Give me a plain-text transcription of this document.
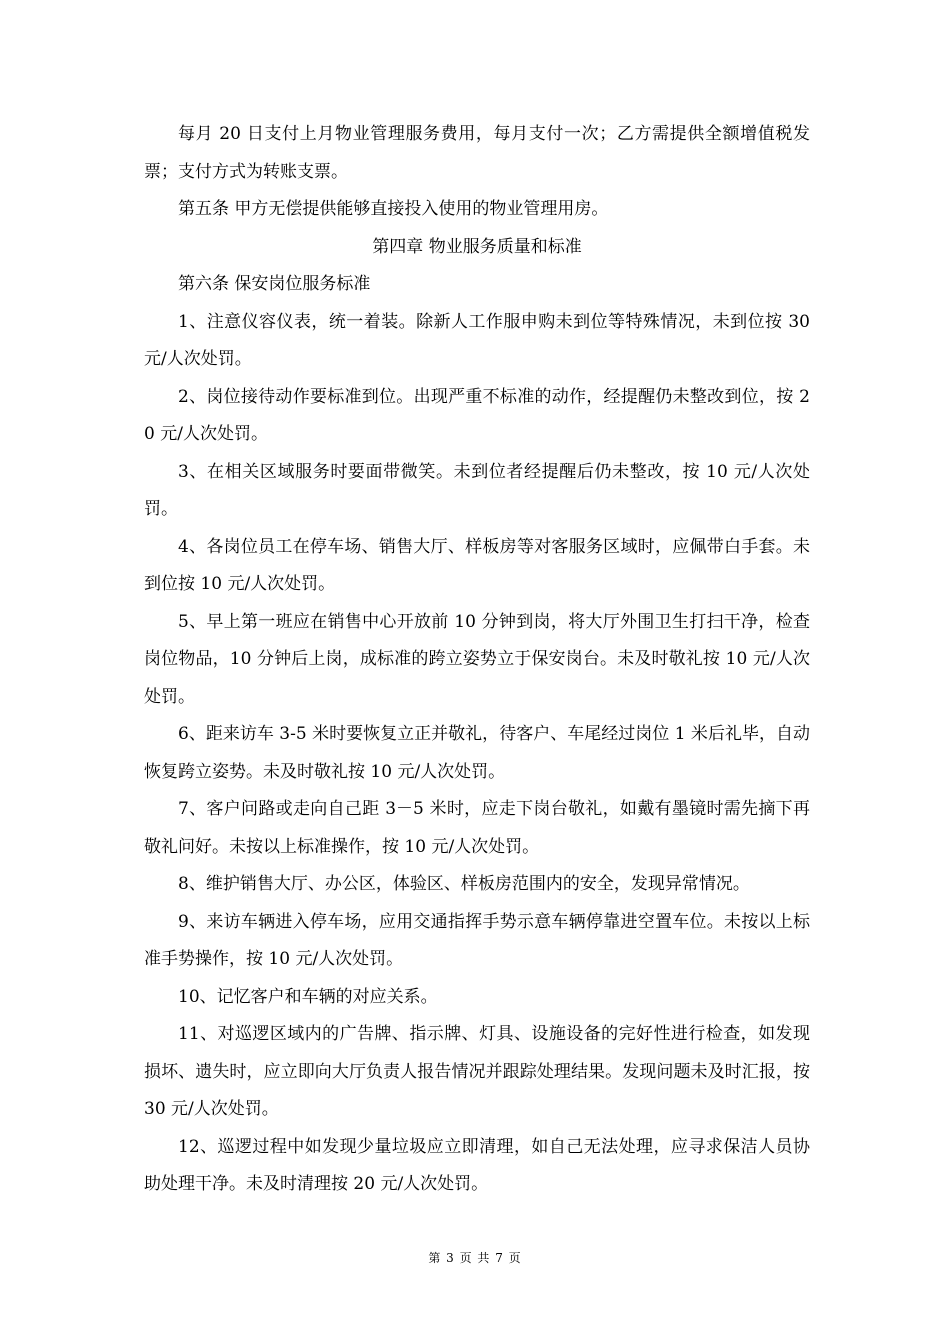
每月 20 日支付上月物业管理服务费用，每月支付一次；乙方需提供全额增值税发票；支付方式为转账支票。

第五条 甲方无偿提供能够直接投入使用的物业管理用房。

第四章 物业服务质量和标准

第六条 保安岗位服务标准

1、注意仪容仪表，统一着装。除新人工作服申购未到位等特殊情况，未到位按 30 元/人次处罚。

2、岗位接待动作要标准到位。出现严重不标准的动作，经提醒仍未整改到位，按 20 元/人次处罚。

3、在相关区域服务时要面带微笑。未到位者经提醒后仍未整改，按 10 元/人次处罚。

4、各岗位员工在停车场、销售大厅、样板房等对客服务区域时，应佩带白手套。未到位按 10 元/人次处罚。

5、早上第一班应在销售中心开放前 10 分钟到岗，将大厅外围卫生打扫干净，检查岗位物品，10 分钟后上岗，成标准的跨立姿势立于保安岗台。未及时敬礼按 10 元/人次处罚。

6、距来访车 3-5 米时要恢复立正并敬礼，待客户、车尾经过岗位 1 米后礼毕，自动恢复跨立姿势。未及时敬礼按 10 元/人次处罚。

7、客户问路或走向自己距 3－5 米时，应走下岗台敬礼，如戴有墨镜时需先摘下再敬礼问好。未按以上标准操作，按 10 元/人次处罚。

8、维护销售大厅、办公区，体验区、样板房范围内的安全，发现异常情况。

9、来访车辆进入停车场，应用交通指挥手势示意车辆停靠进空置车位。未按以上标准手势操作，按 10 元/人次处罚。

10、记忆客户和车辆的对应关系。

11、对巡逻区域内的广告牌、指示牌、灯具、设施设备的完好性进行检查，如发现损坏、遗失时，应立即向大厅负责人报告情况并跟踪处理结果。发现问题未及时汇报，按 30 元/人次处罚。

12、巡逻过程中如发现少量垃圾应立即清理，如自己无法处理，应寻求保洁人员协助处理干净。未及时清理按 20 元/人次处罚。

第 3 页 共 7 页
